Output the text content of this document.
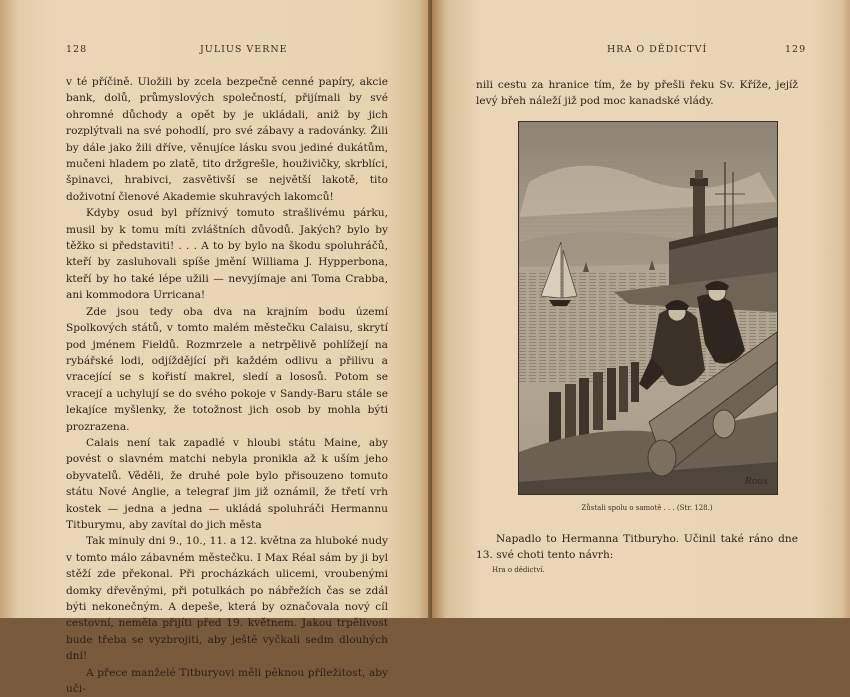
128	JULIUS VERNE

v té příčině. Uložili by zcela bezpečně cenné papíry, akcie bank, dolů, průmyslových společností, přijímali by své ohromné důchody a opět by je ukládali, aniž by jich rozplýtvali na své pohodlí, pro své zábavy a radovánky. Žili by dále jako žili dříve, věnujíce lásku svou jediné dukátům, mučeni hladem po zlatě, tito držgrešle, houživičky, skrblíci, špinavci, hrabivci, zasvětivší se největší lakotě, tito doživotní členové Akademie skuhravých lakomců!

Kdyby osud byl příznivý tomuto strašlivému párku, musil by k tomu míti zvláštních důvodů. Jakých? bylo by těžko si představiti! . . . A to by bylo na škodu spoluhráčů, kteří by zasluhovali spíše jmění Williama J. Hypperbona, kteří by ho také lépe užili — nevyjímaje ani Toma Crabba, ani kommodora Urricana!

Zde jsou tedy oba dva na krajním bodu území Spolkových států, v tomto malém městečku Calaisu, skrytí pod jménem Fieldů. Rozmrzele a netrpělivě pohlížejí na rybářské lodi, odjíždějící při každém odlivu a přilivu a vracející se s kořistí makrel, sledí a lososů. Potom se vracejí a uchylují se do svého pokoje v Sandy-Baru stále se lekajíce myšlenky, že totožnost jich osob by mohla býti prozrazena.

Calais není tak zapadlé v hloubi státu Maine, aby povést o slavném matchi nebyla pronikla až k uším jeho obyvatelů. Věděli, že druhé pole bylo přisouzeno tomuto státu Nové Anglie, a telegraf jim již oznámil, že třetí vrh kostek — jedna a jedna — ukládá spoluhráči Hermannu Titburymu, aby zavítal do jich města

Tak minuly dni 9., 10., 11. a 12. května za hluboké nudy v tomto málo zábavném městečku. I Max Réal sám by ji byl stěží zde překonal. Při procházkách ulicemi, vroubenými domky dřevěnými, při potulkách po nábřežích čas se zdál býti nekonečným. A depeše, která by označovala nový cíl cestovní, neměla přijíti před 19. květnem. Jakou trpělivost bude třeba se vyzbrojiti, aby ještě vyčkali sedm dlouhých dní!

A přece manželé Titburyovi měli pěknou příležitost, aby uči-

HRA O DĚDICTVÍ	129
nili cestu za hranice tím, že by přešli řeku Sv. Kříže, jejíž levý břeh náleží již pod moc kanadské vlády.
Roux
Zůstali spolu o samotě . . . (Str. 128.)

Napadlo to Hermanna Titburyho. Učinil také ráno dne 13. své choti tento návrh:

Hra o dědictví.
